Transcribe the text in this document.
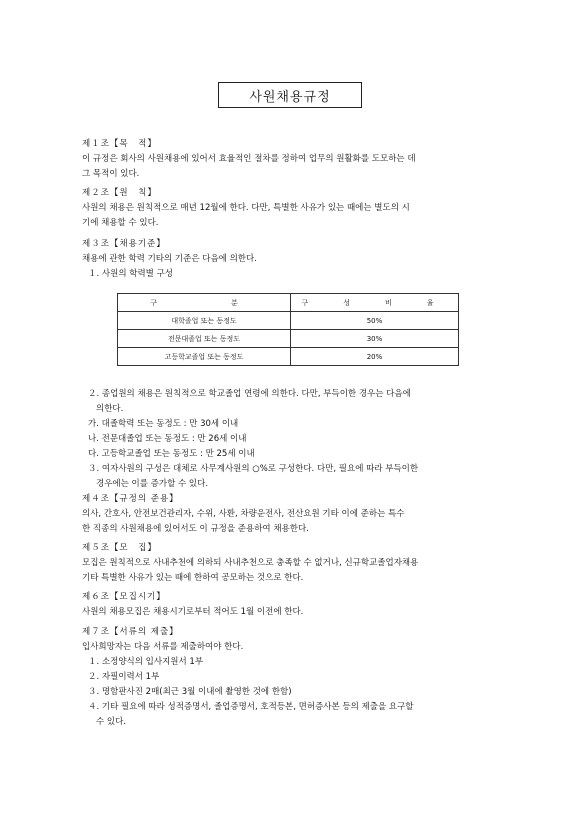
사원채용규정

제１조【목　적】

이 규정은 회사의 사원채용에 있어서 효율적인 절차를 정하여 업무의 원활화를 도모하는 데

그 목적이 있다.

제２조【원　칙】

사원의 채용은 원칙적으로 매년 12월에 한다. 다만, 특별한 사유가 있는 때에는 별도의 시

기에 채용할 수 있다.

제３조【채용기준】

채용에 관한 학력 기타의 기준은 다음에 의한다.

１. 사원의 학력별 구성

구　　분	구　성　비　율
대학졸업 또는 동정도	50%
전문대졸업 또는 동정도	30%
고등학교졸업 또는 동정도	20%

２. 종업원의 채용은 원칙적으로 학교졸업 연령에 의한다. 다만, 부득이한 경우는 다음에

의한다.

가. 대졸학력 또는 동정도 : 만 30세 이내

나. 전문대졸업 또는 동정도 : 만 26세 이내

다. 고등학교졸업 또는 동정도 : 만 25세 이내

３. 여자사원의 구성은 대체로 사무계사원의 ○%로 구성한다. 다만, 필요에 따라 부득이한

경우에는 이를 증가할 수 있다.

제４조【규정의 준용】

의사, 간호사, 안전보건관리자, 수위, 사환, 차량운전사, 전산요원 기타 이에 준하는 특수

한 직종의 사원채용에 있어서도 이 규정을 준용하여 채용한다.

제５조【모　집】

모집은 원칙적으로 사내추천에 의하되 사내추천으로 충족할 수 없거나, 신규학교졸업자채용

기타 특별한 사유가 있는 때에 한하여 공모하는 것으로 한다.

제６조【모집시기】

사원의 채용모집은 채용시기로부터 적어도 1월 이전에 한다.

제７조【서류의 제출】

입사희망자는 다음 서류를 제출하여야 한다.

１. 소정양식의 입사지원서 1부

２. 자필이력서 1부

３. 명함판사진 2매(최근 3월 이내에 촬영한 것에 한함)

４. 기타 필요에 따라 성적증명서, 졸업증명서, 호적등본, 면허증사본 등의 제출을 요구할

수 있다.
